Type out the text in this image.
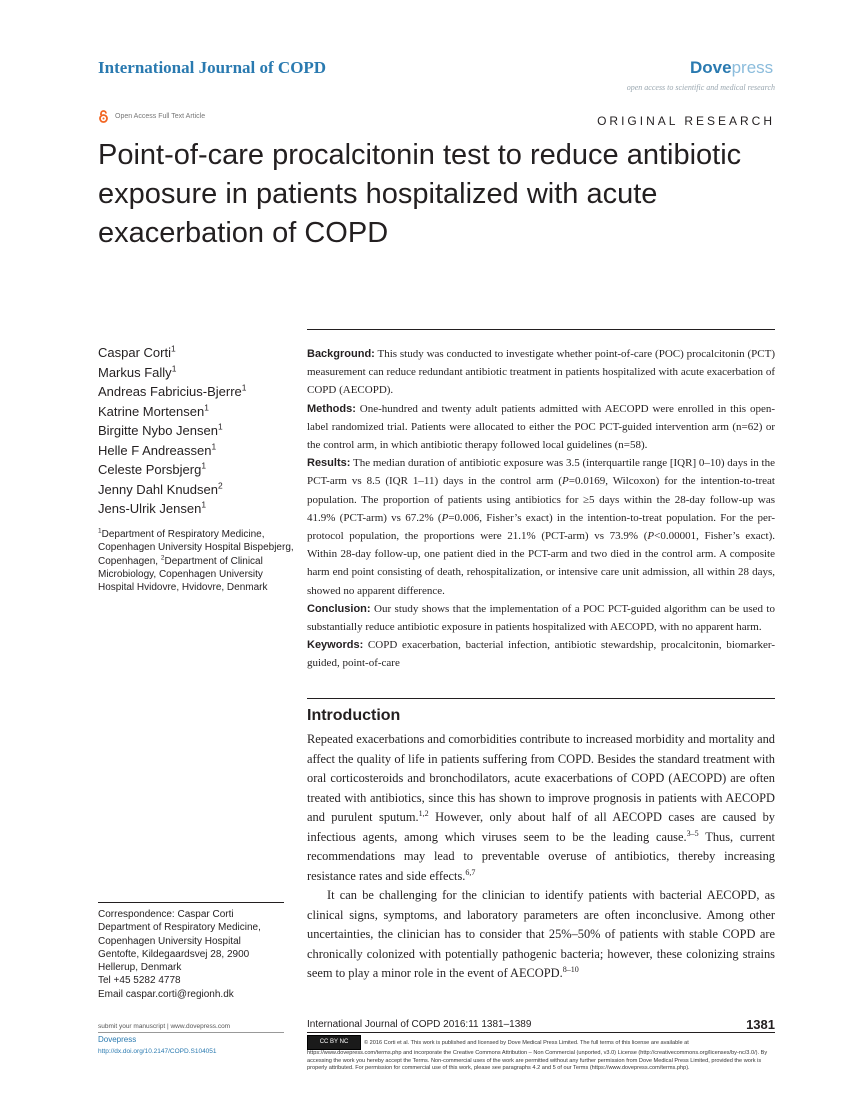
International Journal of COPD	Dovepress
open access to scientific and medical research
Open Access Full Text Article	ORIGINAL RESEARCH
Point-of-care procalcitonin test to reduce antibiotic exposure in patients hospitalized with acute exacerbation of COPD
Caspar Corti$^1$
Markus Fally$^1$
Andreas Fabricius-Bjerre$^1$
Katrine Mortensen$^1$
Birgitte Nybo Jensen$^1$
Helle F Andreassen$^1$
Celeste Porsbjerg$^1$
Jenny Dahl Knudsen$^2$
Jens-Ulrik Jensen$^1$
$^1$Department of Respiratory Medicine, Copenhagen University Hospital Bispebjerg, Copenhagen, $^2$Department of Clinical Microbiology, Copenhagen University Hospital Hvidovre, Hvidovre, Denmark
Correspondence: Caspar Corti
Department of Respiratory Medicine,
Copenhagen University Hospital
Gentofte, Kildegaardsvej 28, 2900
Hellerup, Denmark
Tel +45 5282 4778
Email caspar.corti@regionh.dk

Background: This study was conducted to investigate whether point-of-care (POC) procalcitonin (PCT) measurement can reduce redundant antibiotic treatment in patients hospitalized with acute exacerbation of COPD (AECOPD).

Methods: One-hundred and twenty adult patients admitted with AECOPD were enrolled in this open-label randomized trial. Patients were allocated to either the POC PCT-guided intervention arm (n=62) or the control arm, in which antibiotic therapy followed local guidelines (n=58).

Results: The median duration of antibiotic exposure was 3.5 (interquartile range [IQR] 0–10) days in the PCT-arm vs 8.5 (IQR 1–11) days in the control arm (P=0.0169, Wilcoxon) for the intention-to-treat population. The proportion of patients using antibiotics for ≥5 days within the 28-day follow-up was 41.9% (PCT-arm) vs 67.2% (P=0.006, Fisher’s exact) in the intention-to-treat population. For the per-protocol population, the proportions were 21.1% (PCT-arm) vs 73.9% (P<0.00001, Fisher’s exact). Within 28-day follow-up, one patient died in the PCT-arm and two died in the control arm. A composite harm end point consisting of death, rehospitalization, or intensive care unit admission, all within 28 days, showed no apparent difference.

Conclusion: Our study shows that the implementation of a POC PCT-guided algorithm can be used to substantially reduce antibiotic exposure in patients hospitalized with AECOPD, with no apparent harm.

Keywords: COPD exacerbation, bacterial infection, antibiotic stewardship, procalcitonin, biomarker-guided, point-of-care

Introduction

Repeated exacerbations and comorbidities contribute to increased morbidity and mortality and affect the quality of life in patients suffering from COPD. Besides the standard treatment with oral corticosteroids and bronchodilators, acute exacerbations of COPD (AECOPD) are often treated with antibiotics, since this has shown to improve prognosis in patients with AECOPD and purulent sputum.$^{1,2}$ However, only about half of all AECOPD cases are caused by infectious agents, among which viruses seem to be the leading cause.$^{3-5}$ Thus, current recommendations may lead to preventable overuse of antibiotics, thereby increasing resistance rates and side effects.$^{6,7}$

It can be challenging for the clinician to identify patients with bacterial AECOPD, as clinical signs, symptoms, and laboratory parameters are often inconclusive. Among other uncertainties, the clinician has to consider that 25%–50% of patients with stable COPD are chronically colonized with potentially pathogenic bacteria; however, these colonizing strains seem to play a minor role in the event of AECOPD.$^{8-10}$

submit your manuscript | www.dovepress.com
Dovepress
http://dx.doi.org/10.2147/COPD.S104051
International Journal of COPD 2016:11 1381–1389	1381
CC BY NC	© 2016 Corti et al. This work is published and licensed by Dove Medical Press Limited. The full terms of this license are available at https://www.dovepress.com/terms.php and incorporate the Creative Commons Attribution – Non Commercial (unported, v3.0) License (http://creativecommons.org/licenses/by-nc/3.0/). By accessing the work you hereby accept the Terms. Non-commercial uses of the work are permitted without any further permission from Dove Medical Press Limited, provided the work is properly attributed. For permission for commercial use of this work, please see paragraphs 4.2 and 5 of our Terms (https://www.dovepress.com/terms.php).
